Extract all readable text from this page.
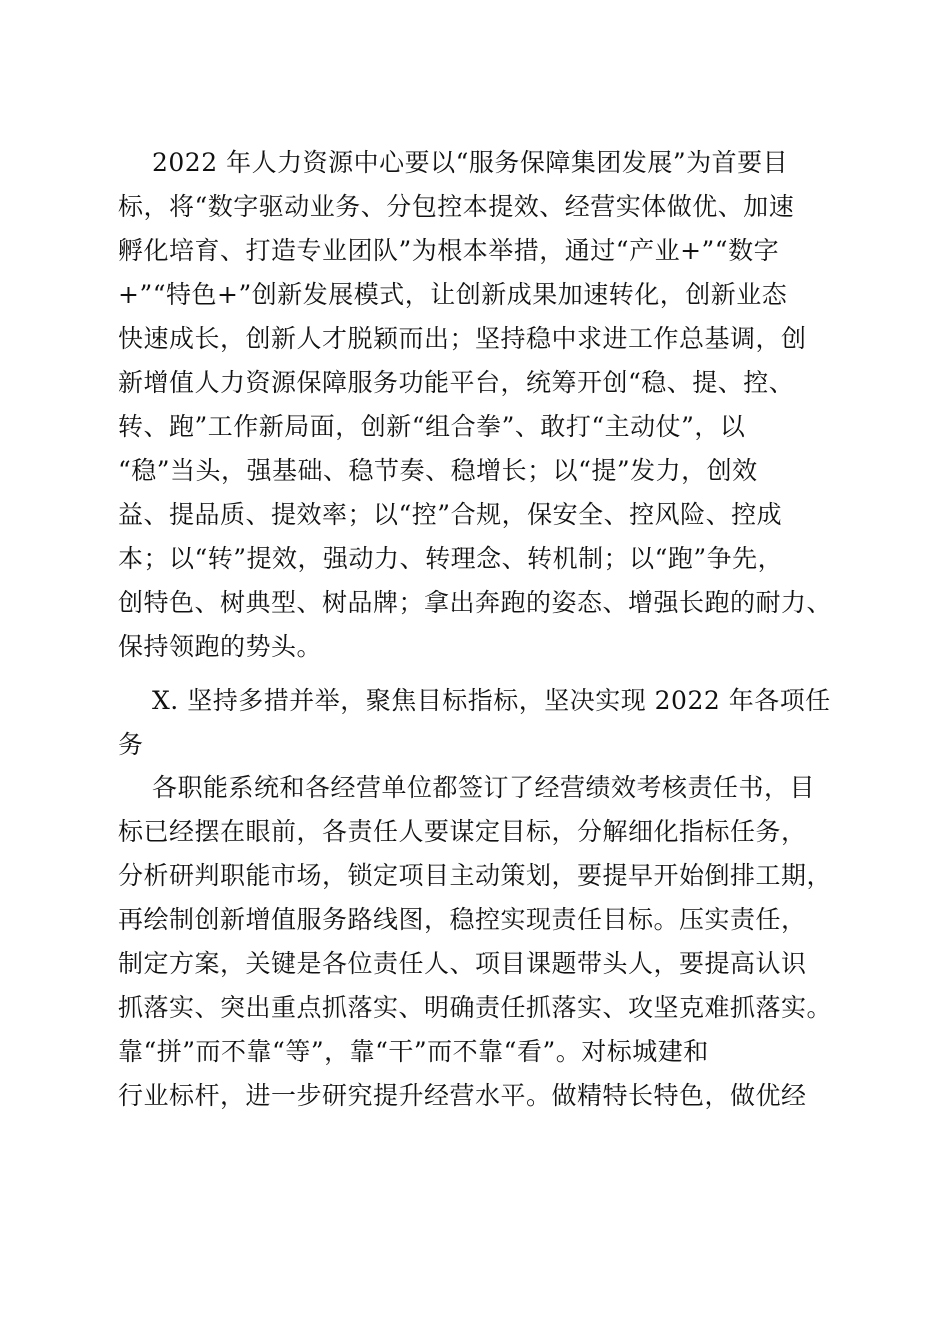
2022 年人力资源中心要以“服务保障集团发展”为首要目

标，将“数字驱动业务、分包控本提效、经营实体做优、加速

孵化培育、打造专业团队”为根本举措，通过“产业+”“数字

+”“特色+”创新发展模式，让创新成果加速转化，创新业态

快速成长，创新人才脱颖而出；坚持稳中求进工作总基调，创

新增值人力资源保障服务功能平台，统筹开创“稳、提、控、

转、跑”工作新局面，创新“组合拳”、敢打“主动仗”，以

“稳”当头，强基础、稳节奏、稳增长；以“提”发力，创效

益、提品质、提效率；以“控”合规，保安全、控风险、控成

本；以“转”提效，强动力、转理念、转机制；以“跑”争先，

创特色、树典型、树品牌；拿出奔跑的姿态、增强长跑的耐力、

保持领跑的势头。

X. 坚持多措并举，聚焦目标指标，坚决实现 2022 年各项任

务

各职能系统和各经营单位都签订了经营绩效考核责任书，目

标已经摆在眼前，各责任人要谋定目标，分解细化指标任务，

分析研判职能市场，锁定项目主动策划，要提早开始倒排工期，

再绘制创新增值服务路线图，稳控实现责任目标。压实责任，

制定方案，关键是各位责任人、项目课题带头人，要提高认识

抓落实、突出重点抓落实、明确责任抓落实、攻坚克难抓落实。

靠“拼”而不靠“等”，靠“干”而不靠“看”。对标城建和

行业标杆，进一步研究提升经营水平。做精特长特色，做优经
